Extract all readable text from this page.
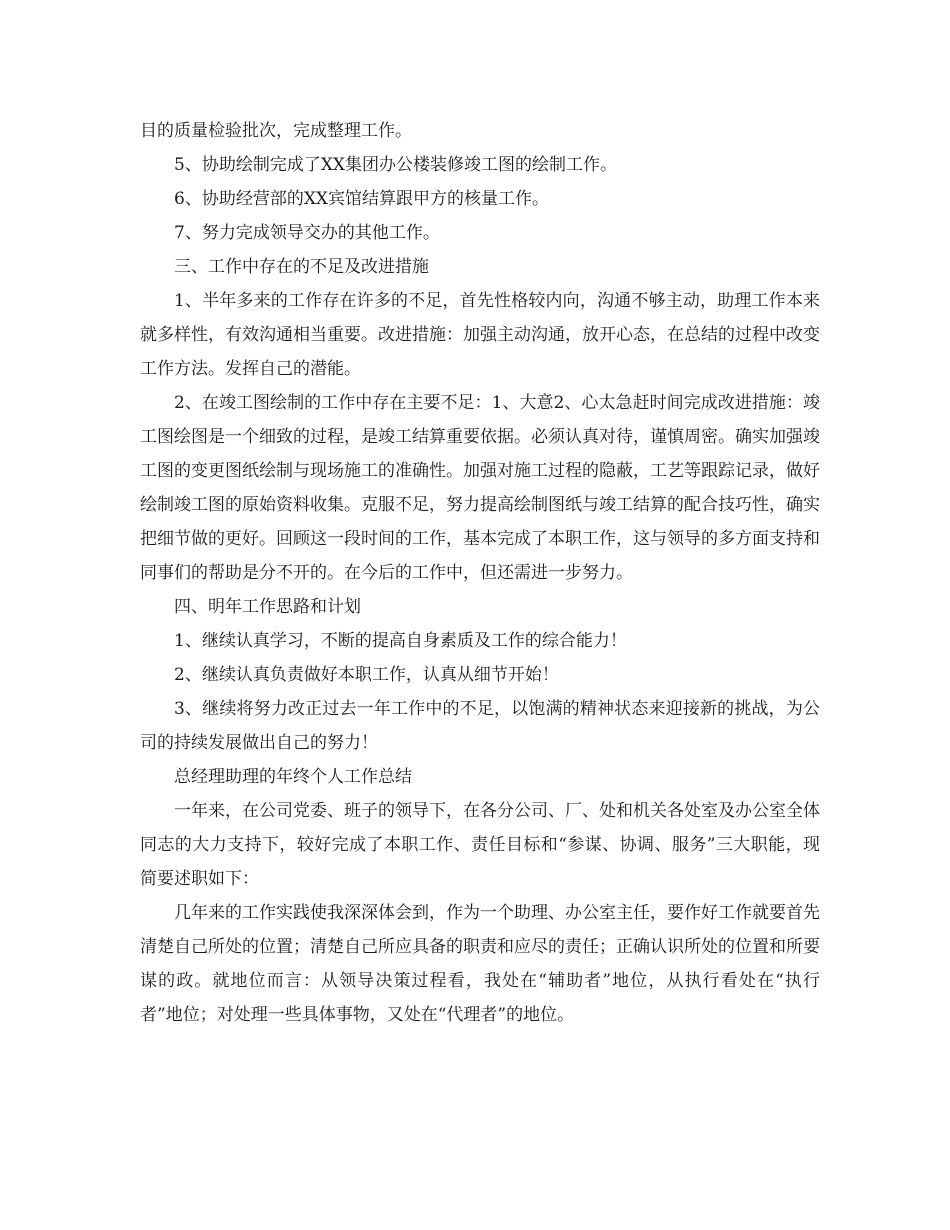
目的质量检验批次，完成整理工作。

5、协助绘制完成了XX集团办公楼装修竣工图的绘制工作。

6、协助经营部的XX宾馆结算跟甲方的核量工作。

7、努力完成领导交办的其他工作。

三、工作中存在的不足及改进措施

1、半年多来的工作存在许多的不足，首先性格较内向，沟通不够主动，助理工作本来就多样性，有效沟通相当重要。改进措施：加强主动沟通，放开心态，在总结的过程中改变工作方法。发挥自己的潜能。

2、在竣工图绘制的工作中存在主要不足：1、大意2、心太急赶时间完成改进措施：竣工图绘图是一个细致的过程，是竣工结算重要依据。必须认真对待，谨慎周密。确实加强竣工图的变更图纸绘制与现场施工的准确性。加强对施工过程的隐蔽，工艺等跟踪记录，做好绘制竣工图的原始资料收集。克服不足，努力提高绘制图纸与竣工结算的配合技巧性，确实把细节做的更好。回顾这一段时间的工作，基本完成了本职工作，这与领导的多方面支持和同事们的帮助是分不开的。在今后的工作中，但还需进一步努力。

四、明年工作思路和计划

1、继续认真学习，不断的提高自身素质及工作的综合能力！

2、继续认真负责做好本职工作，认真从细节开始！

3、继续将努力改正过去一年工作中的不足，以饱满的精神状态来迎接新的挑战，为公司的持续发展做出自己的努力！

总经理助理的年终个人工作总结

一年来，在公司党委、班子的领导下，在各分公司、厂、处和机关各处室及办公室全体同志的大力支持下，较好完成了本职工作、责任目标和“参谋、协调、服务”三大职能，现简要述职如下：

几年来的工作实践使我深深体会到，作为一个助理、办公室主任，要作好工作就要首先清楚自己所处的位置；清楚自己所应具备的职责和应尽的责任；正确认识所处的位置和所要谋的政。就地位而言：从领导决策过程看，我处在“辅助者”地位，从执行看处在“执行者”地位；对处理一些具体事物，又处在“代理者”的地位。
